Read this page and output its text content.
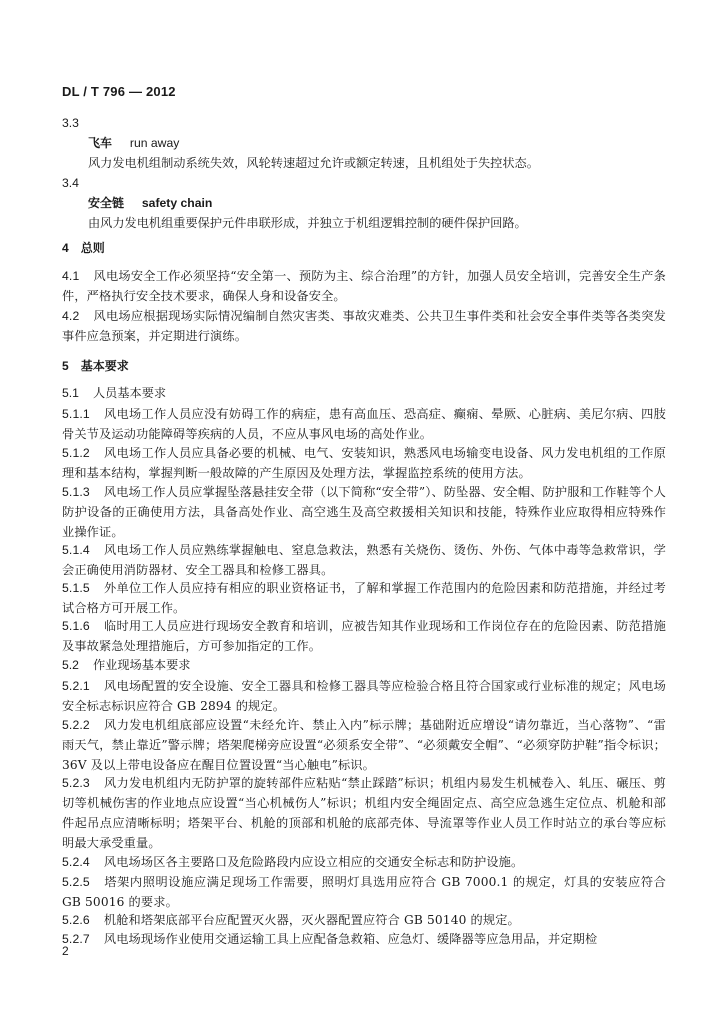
DL / T 796 — 2012
3.3
飞车 run away
风力发电机组制动系统失效，风轮转速超过允许或额定转速，且机组处于失控状态。
3.4
安全链 safety chain
由风力发电机组重要保护元件串联形成，并独立于机组逻辑控制的硬件保护回路。
4 总则
4.1 风电场安全工作必须坚持“安全第一、预防为主、综合治理”的方针，加强人员安全培训，完善安全生产条件，严格执行安全技术要求，确保人身和设备安全。
4.2 风电场应根据现场实际情况编制自然灾害类、事故灾难类、公共卫生事件类和社会安全事件类等各类突发事件应急预案，并定期进行演练。
5 基本要求
5.1 人员基本要求
5.1.1 风电场工作人员应没有妨碍工作的病症，患有高血压、恐高症、癫痫、晕厥、心脏病、美尼尔病、四肢骨关节及运动功能障碍等疾病的人员，不应从事风电场的高处作业。
5.1.2 风电场工作人员应具备必要的机械、电气、安装知识，熟悉风电场输变电设备、风力发电机组的工作原理和基本结构，掌握判断一般故障的产生原因及处理方法，掌握监控系统的使用方法。
5.1.3 风电场工作人员应掌握坠落悬挂安全带（以下简称“安全带”）、防坠器、安全帽、防护服和工作鞋等个人防护设备的正确使用方法，具备高处作业、高空逃生及高空救援相关知识和技能，特殊作业应取得相应特殊作业操作证。
5.1.4 风电场工作人员应熟练掌握触电、窒息急救法，熟悉有关烧伤、烫伤、外伤、气体中毒等急救常识，学会正确使用消防器材、安全工器具和检修工器具。
5.1.5 外单位工作人员应持有相应的职业资格证书，了解和掌握工作范围内的危险因素和防范措施，并经过考试合格方可开展工作。
5.1.6 临时用工人员应进行现场安全教育和培训，应被告知其作业现场和工作岗位存在的危险因素、防范措施及事故紧急处理措施后，方可参加指定的工作。
5.2 作业现场基本要求
5.2.1 风电场配置的安全设施、安全工器具和检修工器具等应检验合格且符合国家或行业标准的规定；风电场安全标志标识应符合 GB 2894 的规定。
5.2.2 风力发电机组底部应设置“未经允许、禁止入内”标示牌；基础附近应增设“请勿靠近，当心落物”、“雷雨天气，禁止靠近”警示牌；塔架爬梯旁应设置“必须系安全带”、“必须戴安全帽”、“必须穿防护鞋”指令标识；36V 及以上带电设备应在醒目位置设置“当心触电”标识。
5.2.3 风力发电机组内无防护罩的旋转部件应粘贴“禁止踩踏”标识；机组内易发生机械卷入、轧压、碾压、剪切等机械伤害的作业地点应设置“当心机械伤人”标识；机组内安全绳固定点、高空应急逃生定位点、机舱和部件起吊点应清晰标明；塔架平台、机舱的顶部和机舱的底部壳体、导流罩等作业人员工作时站立的承台等应标明最大承受重量。
5.2.4 风电场场区各主要路口及危险路段内应设立相应的交通安全标志和防护设施。
5.2.5 塔架内照明设施应满足现场工作需要，照明灯具选用应符合 GB 7000.1 的规定，灯具的安装应符合 GB 50016 的要求。
5.2.6 机舱和塔架底部平台应配置灭火器，灭火器配置应符合 GB 50140 的规定。
5.2.7 风电场现场作业使用交通运输工具上应配备急救箱、应急灯、缓降器等应急用品，并定期检
2
